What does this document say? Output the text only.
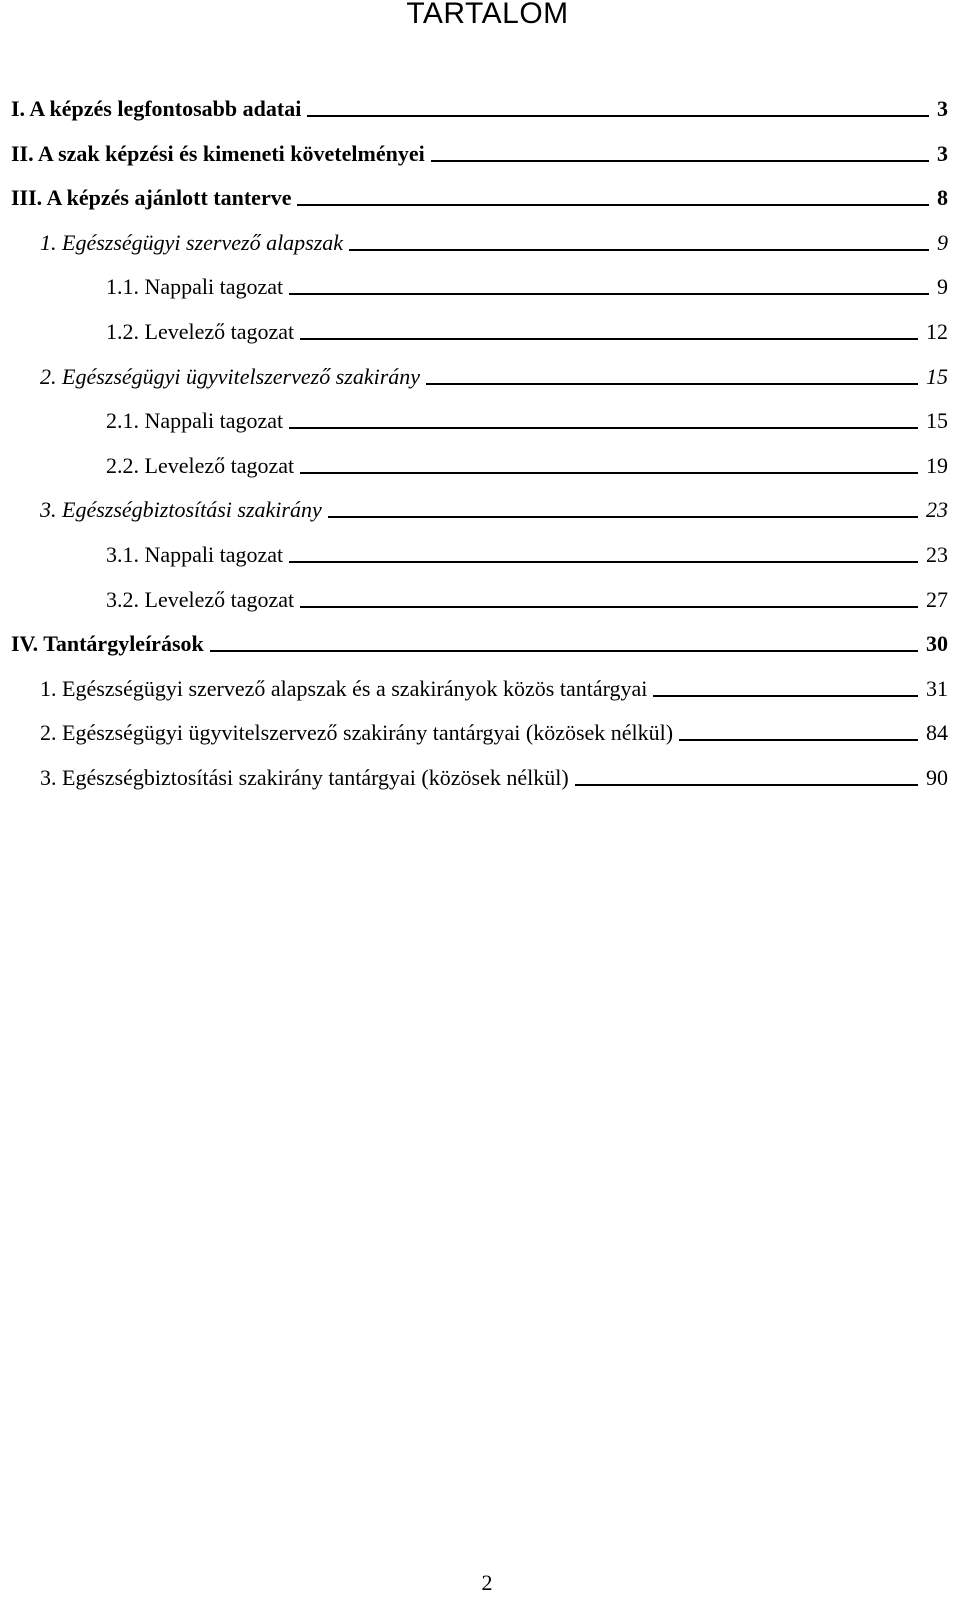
TARTALOM
I. A képzés legfontosabb adatai	3
II. A szak képzési és kimeneti követelményei	3
III. A képzés ajánlott tanterve	8
1. Egészségügyi szervező alapszak	9
1.1. Nappali tagozat	9
1.2. Levelező tagozat	12
2. Egészségügyi ügyvitelszervező szakirány	15
2.1. Nappali tagozat	15
2.2. Levelező tagozat	19
3. Egészségbiztosítási szakirány	23
3.1. Nappali tagozat	23
3.2. Levelező tagozat	27
IV. Tantárgyleírások	30
1. Egészségügyi szervező alapszak és a szakirányok közös tantárgyai	31
2. Egészségügyi ügyvitelszervező szakirány tantárgyai (közösek nélkül)	84
3. Egészségbiztosítási szakirány tantárgyai (közösek nélkül)	90
2
